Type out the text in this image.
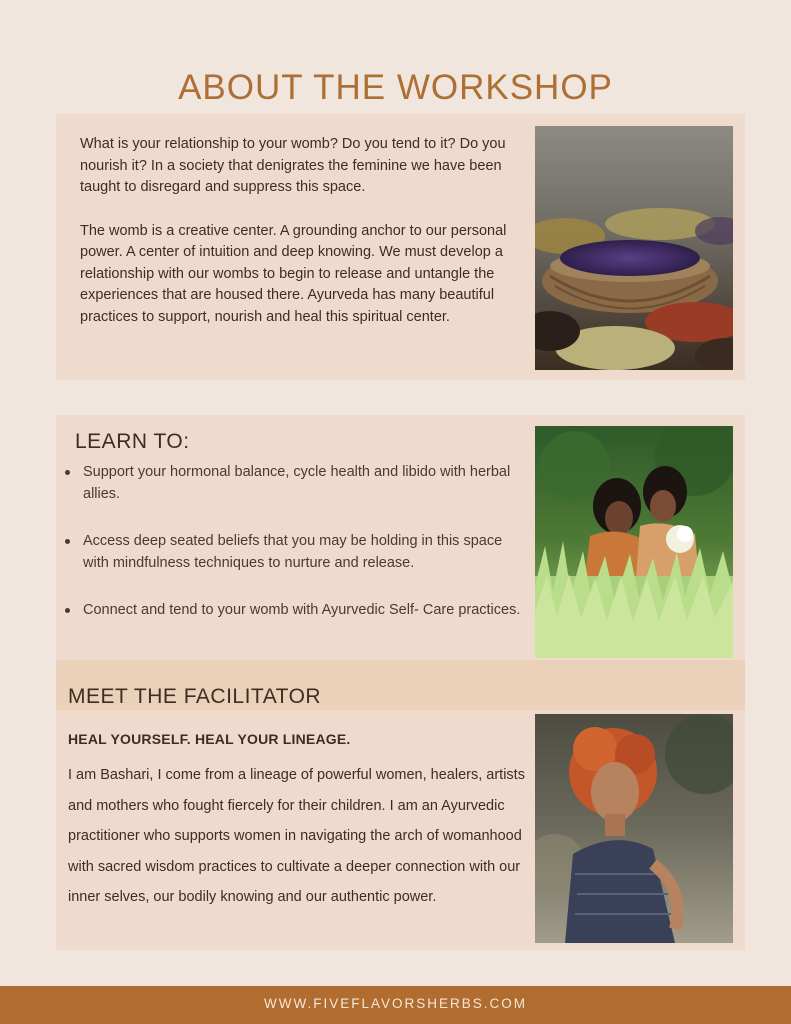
ABOUT THE WORKSHOP

What is your relationship to your womb? Do you tend to it? Do you nourish it? In a society that denigrates the feminine we have been taught to disregard and suppress this space.

The womb is a creative center. A grounding anchor to our personal power. A center of intuition and deep knowing. We must develop a relationship with our wombs to begin to release and untangle the experiences that are housed there. Ayurveda has many beautiful practices to support, nourish and heal this spiritual center.

LEARN TO:
Support your hormonal balance, cycle health and libido with herbal allies.
Access deep seated beliefs that you may be holding in this space with mindfulness techniques to nurture and release.
Connect and tend to your womb with Ayurvedic Self- Care practices.
MEET THE FACILITATOR

HEAL YOURSELF. HEAL YOUR LINEAGE.

I am Bashari, I come from a lineage of powerful women, healers, artists and mothers who fought fiercely for their children. I am an Ayurvedic practitioner who supports women in navigating the arch of womanhood with sacred wisdom practices to cultivate a deeper connection with our inner selves, our bodily knowing and our authentic power.

WWW.FIVEFLAVORSHERBS.COM
